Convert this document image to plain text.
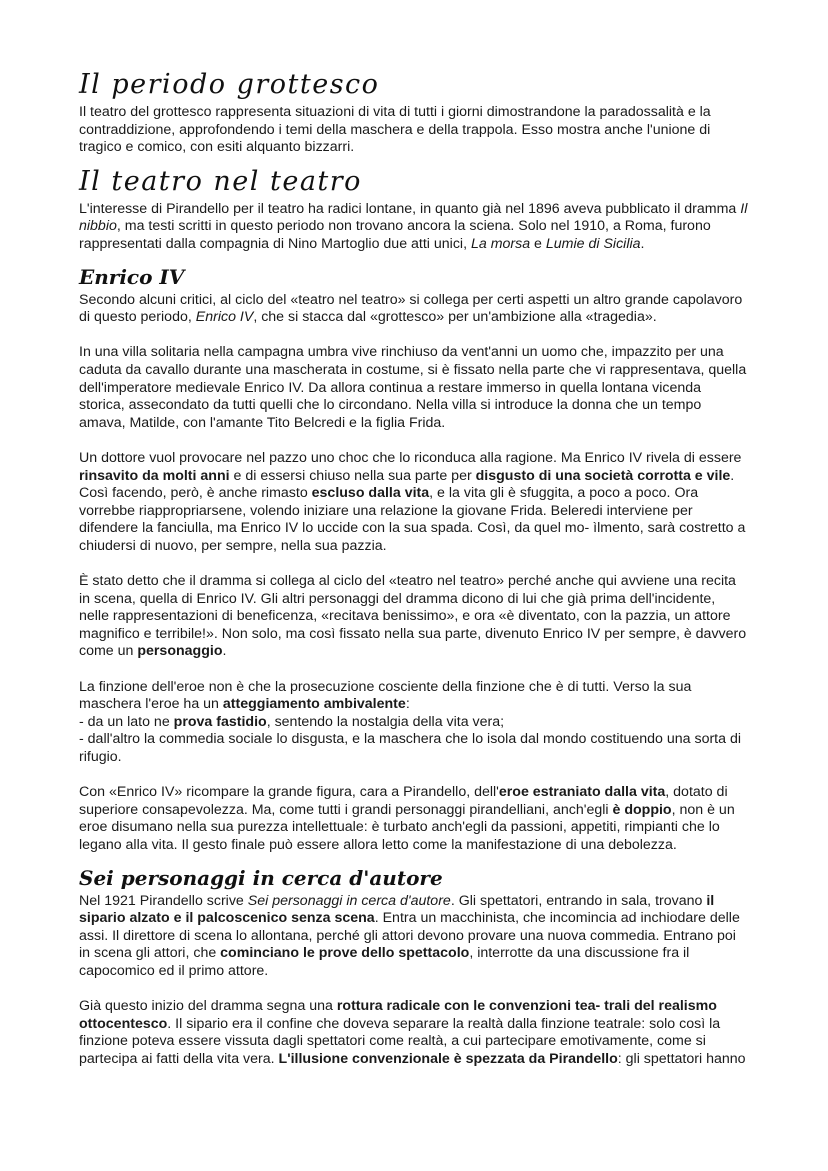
Il periodo grottesco

Il teatro del grottesco rappresenta situazioni di vita di tutti i giorni dimostrandone la paradossalità e la contraddizione, approfondendo i temi della maschera e della trappola. Esso mostra anche l'unione di tragico e comico, con esiti alquanto bizzarri.

Il teatro nel teatro

L'interesse di Pirandello per il teatro ha radici lontane, in quanto già nel 1896 aveva pubblicato il dramma Il nibbio, ma testi scritti in questo periodo non trovano ancora la sciena. Solo nel 1910, a Roma, furono rappresentati dalla compagnia di Nino Martoglio due atti unici, La morsa e Lumie di Sicilia.

Enrico IV

Secondo alcuni critici, al ciclo del «teatro nel teatro» si collega per certi aspetti un altro grande capolavoro di questo periodo, Enrico IV, che si stacca dal «grottesco» per un'ambizione alla «tragedia».

In una villa solitaria nella campagna umbra vive rinchiuso da vent'anni un uomo che, impazzito per una caduta da cavallo durante una mascherata in costume, si è fissato nella parte che vi rappresentava, quella dell'imperatore medievale Enrico IV. Da allora continua a restare immerso in quella lontana vicenda storica, assecondato da tutti quelli che lo circondano. Nella villa si introduce la donna che un tempo amava, Matilde, con l'amante Tito Belcredi e la figlia Frida.

Un dottore vuol provocare nel pazzo uno choc che lo riconduca alla ragione. Ma Enrico IV rivela di essere rinsavito da molti anni e di essersi chiuso nella sua parte per disgusto di una società corrotta e vile. Così facendo, però, è anche rimasto escluso dalla vita, e la vita gli è sfuggita, a poco a poco. Ora vorrebbe riappropriarsene, volendo iniziare una relazione la giovane Frida. Beleredi interviene per difendere la fanciulla, ma Enrico IV lo uccide con la sua spada. Così, da quel mo- ìlmento, sarà costretto a chiudersi di nuovo, per sempre, nella sua pazzia.

È stato detto che il dramma si collega al ciclo del «teatro nel teatro» perché anche qui avviene una recita in scena, quella di Enrico IV. Gli altri personaggi del dramma dicono di lui che già prima dell'incidente, nelle rappresentazioni di beneficenza, «recitava benissimo», e ora «è diventato, con la pazzia, un attore magnifico e terribile!». Non solo, ma così fissato nella sua parte, divenuto Enrico IV per sempre, è davvero come un personaggio.

La finzione dell'eroe non è che la prosecuzione cosciente della finzione che è di tutti. Verso la sua maschera l'eroe ha un atteggiamento ambivalente:

- da un lato ne prova fastidio, sentendo la nostalgia della vita vera;

- dall'altro la commedia sociale lo disgusta, e la maschera che lo isola dal mondo costituendo una sorta di rifugio.

Con «Enrico IV» ricompare la grande figura, cara a Pirandello, dell'eroe estraniato dalla vita, dotato di superiore consapevolezza. Ma, come tutti i grandi personaggi pirandelliani, anch'egli è doppio, non è un eroe disumano nella sua purezza intellettuale: è turbato anch'egli da passioni, appetiti, rimpianti che lo legano alla vita. Il gesto finale può essere allora letto come la manifestazione di una debolezza.

Sei personaggi in cerca d'autore

Nel 1921 Pirandello scrive Sei personaggi in cerca d'autore. Gli spettatori, entrando in sala, trovano il sipario alzato e il palcoscenico senza scena. Entra un macchinista, che incomincia ad inchiodare delle assi. Il direttore di scena lo allontana, perché gli attori devono provare una nuova commedia. Entrano poi in scena gli attori, che cominciano le prove dello spettacolo, interrotte da una discussione fra il capocomico ed il primo attore.

Già questo inizio del dramma segna una rottura radicale con le convenzioni tea- trali del realismo ottocentesco. Il sipario era il confine che doveva separare la realtà dalla finzione teatrale: solo così la finzione poteva essere vissuta dagli spettatori come realtà, a cui partecipare emotivamente, come si partecipa ai fatti della vita vera. L'illusione convenzionale è spezzata da Pirandello: gli spettatori hanno
